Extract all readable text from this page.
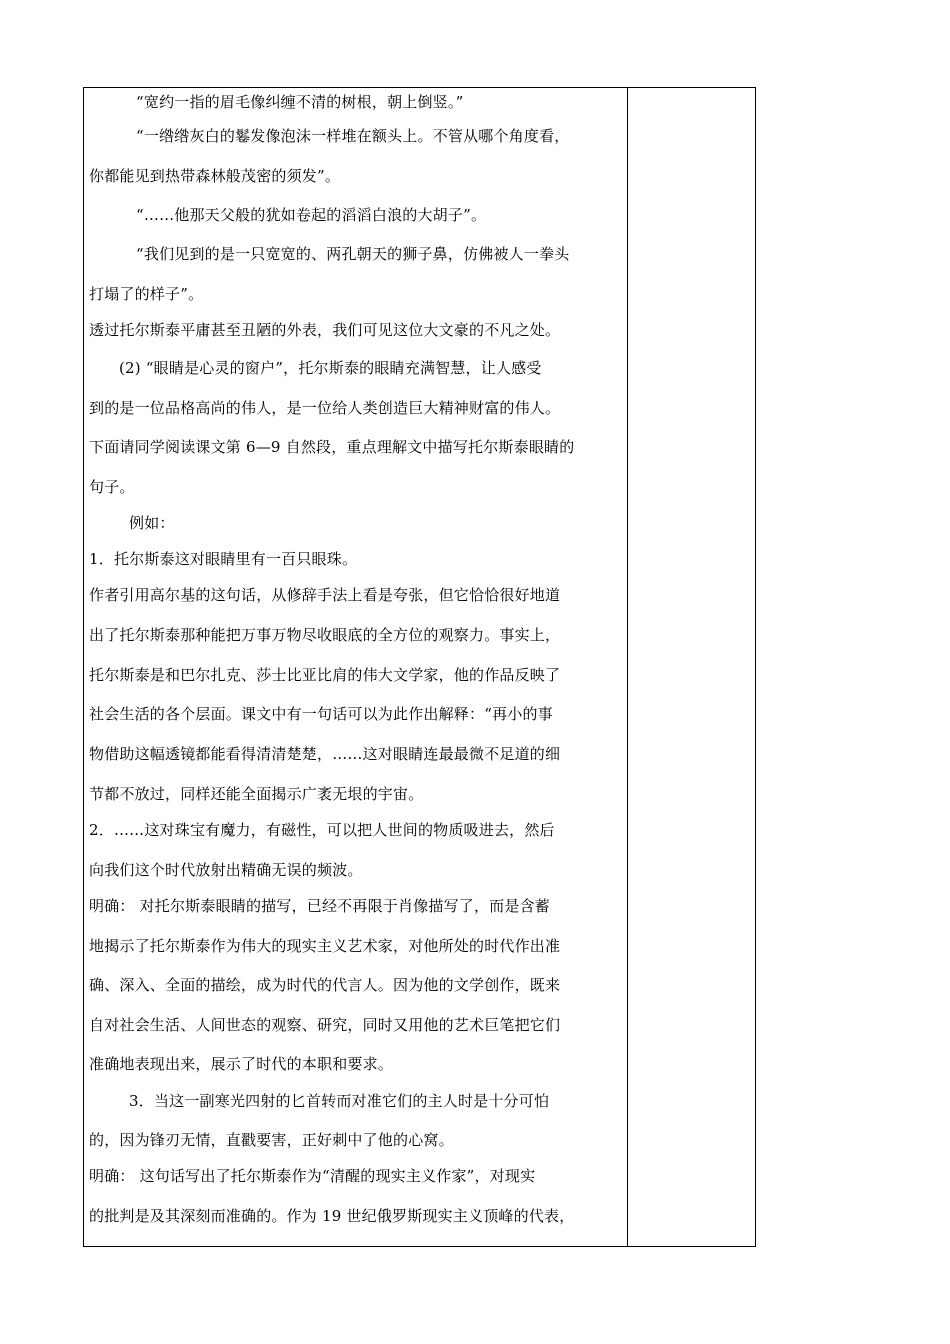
“宽约一指的眉毛像纠缠不清的树根，朝上倒竖。”
“一绺绺灰白的鬈发像泡沫一样堆在额头上。不管从哪个角度看，
你都能见到热带森林般茂密的须发”。
“……他那天父般的犹如卷起的滔滔白浪的大胡子”。
“我们见到的是一只宽宽的、两孔朝天的狮子鼻，仿佛被人一拳头
打塌了的样子”。
透过托尔斯泰平庸甚至丑陋的外表，我们可见这位大文豪的不凡之处。
(2) “眼睛是心灵的窗户”，托尔斯泰的眼睛充满智慧，让人感受
到的是一位品格高尚的伟人，是一位给人类创造巨大精神财富的伟人。
下面请同学阅读课文第 6—9 自然段，重点理解文中描写托尔斯泰眼睛的
句子。
例如：
1．托尔斯泰这对眼睛里有一百只眼珠。
作者引用高尔基的这句话，从修辞手法上看是夸张，但它恰恰很好地道
出了托尔斯泰那种能把万事万物尽收眼底的全方位的观察力。事实上，
托尔斯泰是和巴尔扎克、莎士比亚比肩的伟大文学家，他的作品反映了
社会生活的各个层面。课文中有一句话可以为此作出解释：“再小的事
物借助这幅透镜都能看得清清楚楚，……这对眼睛连最最微不足道的细
节都不放过，同样还能全面揭示广袤无垠的宇宙。
2．……这对珠宝有魔力，有磁性，可以把人世间的物质吸进去，然后
向我们这个时代放射出精确无误的频波。
明确： 对托尔斯泰眼睛的描写，已经不再限于肖像描写了，而是含蓄
地揭示了托尔斯泰作为伟大的现实主义艺术家，对他所处的时代作出准
确、深入、全面的描绘，成为时代的代言人。因为他的文学创作，既来
自对社会生活、人间世态的观察、研究，同时又用他的艺术巨笔把它们
准确地表现出来，展示了时代的本职和要求。
3．当这一副寒光四射的匕首转而对准它们的主人时是十分可怕
的，因为锋刃无情，直戳要害，正好刺中了他的心窝。
明确： 这句话写出了托尔斯泰作为“清醒的现实主义作家”，对现实
的批判是及其深刻而准确的。作为 19 世纪俄罗斯现实主义顶峰的代表，
